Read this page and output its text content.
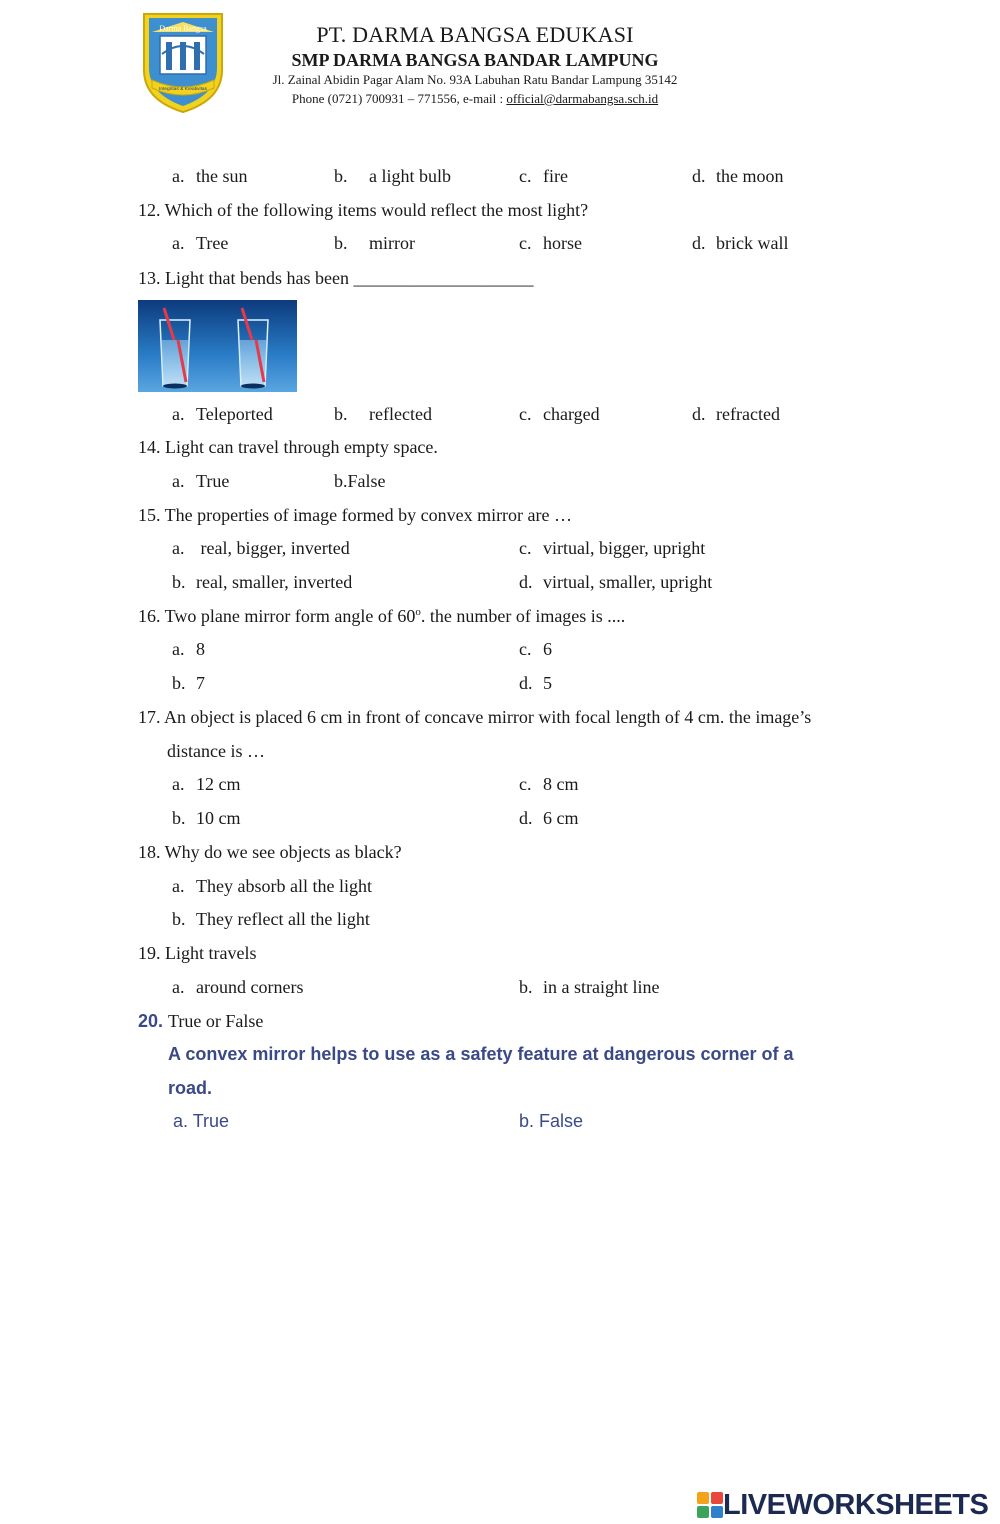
Darma Bangsa
Integritas & Kreativitas
PT. DARMA BANGSA EDUKASI
SMP DARMA BANGSA BANDAR LAMPUNG
Jl. Zainal Abidin Pagar Alam No. 93A Labuhan Ratu Bandar Lampung 35142
Phone (0721) 700931 – 771556, e-mail : official@darmabangsa.sch.id
a. the sun	b. a light bulb	c. fire	d. the moon
12. Which of the following items would reflect the most light?
a. Tree	b. mirror	c. horse	d. brick wall
13. Light that bends has been ____________________
a. Teleported	b. reflected	c. charged	d. refracted
14. Light can travel through empty space.
a. True	b.False
15. The properties of image formed by convex mirror are …
a. real, bigger, inverted	c. virtual, bigger, upright
b. real, smaller, inverted	d. virtual, smaller, upright
16. Two plane mirror form angle of 60$^o$. the number of images is ....
a. 8	c. 6
b. 7	d. 5
17. An object is placed 6 cm in front of concave mirror with focal length of 4 cm. the image’s
distance is …
a. 12 cm	c. 8 cm
b. 10 cm	d. 6 cm
18. Why do we see objects as black?
a. They absorb all the light
b. They reflect all the light
19. Light travels
a. around corners	b. in a straight line
20. True or False
A convex mirror helps to use as a safety feature at dangerous corner of a
road.
a. True	b. False
LIVEWORKSHEETS
